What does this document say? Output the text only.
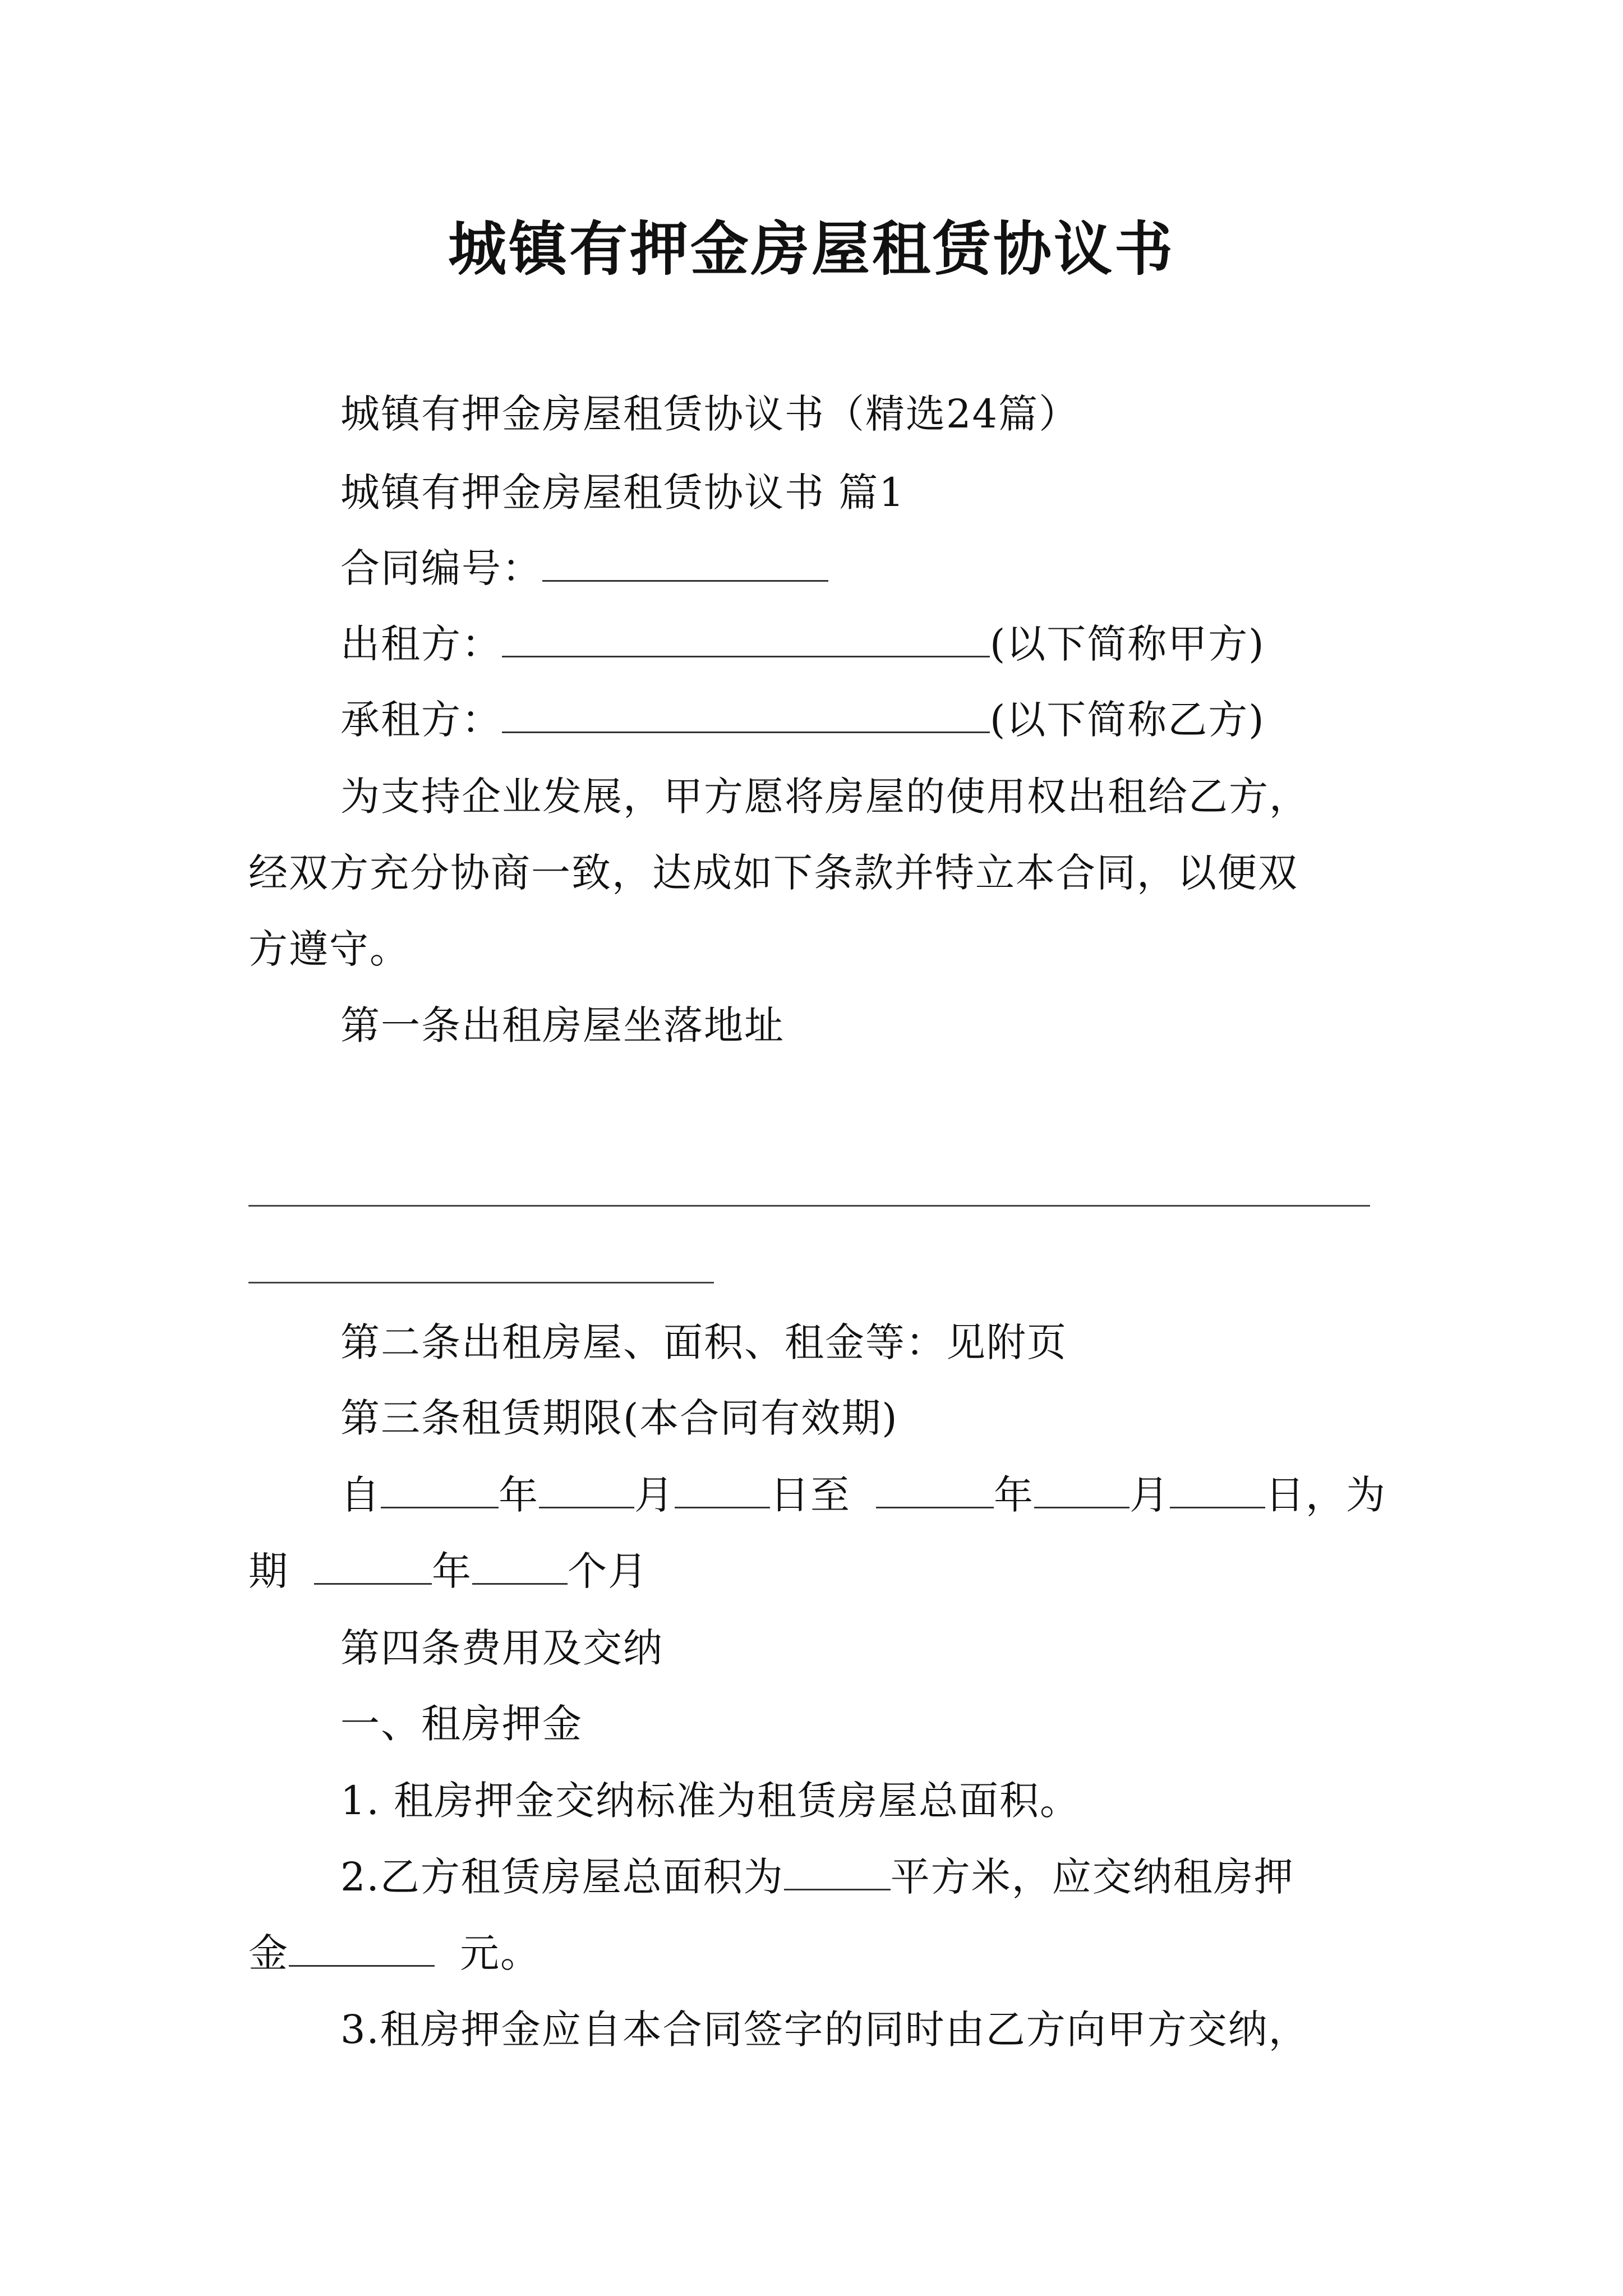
城镇有押金房屋租赁协议书
城镇有押金房屋租赁协议书（精选24篇）
城镇有押金房屋租赁协议书 篇1
合同编号：
出租方：	(以下简称甲方)
承租方：	(以下简称乙方)
为支持企业发展，甲方愿将房屋的使用权出租给乙方，
经双方充分协商一致，达成如下条款并特立本合同，以便双
方遵守。
第一条出租房屋坐落地址
第二条出租房屋、面积、租金等：见附页
第三条租赁期限(本合同有效期)
自	年 月 日至	年 月 日，为
期	年 个月
第四条费用及交纳
一、租房押金
1. 租房押金交纳标准为租赁房屋总面积。
2.乙方租赁房屋总面积为	平方米，应交纳租房押
金	元。
3.租房押金应自本合同签字的同时由乙方向甲方交纳，
